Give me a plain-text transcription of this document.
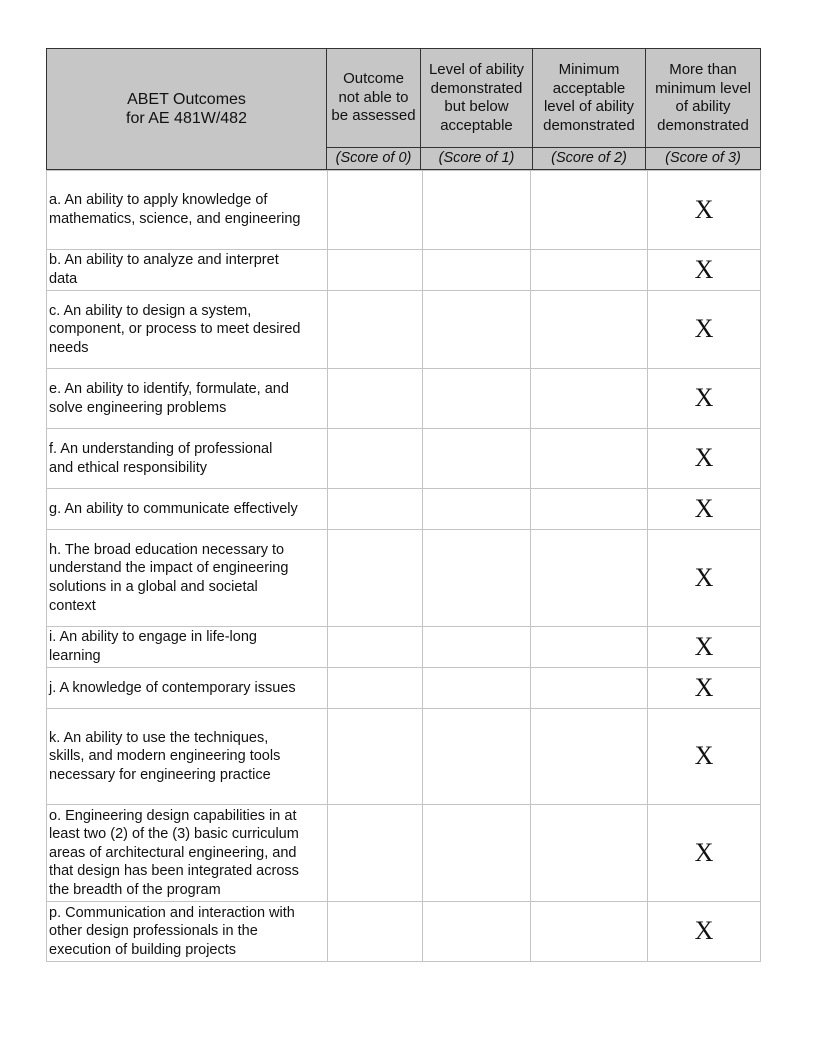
ABET Outcomes
for AE 481W/482	Outcome
not able to
be assessed	Level of ability
demonstrated
but below
acceptable	Minimum
acceptable
level of ability
demonstrated	More than
minimum level
of ability
demonstrated
	(Score of 0)	(Score of 1)	(Score of 2)	(Score of 3)
a. An ability to apply knowledge of
mathematics, science, and engineering				X
b. An ability to analyze and interpret
data				X
c. An ability to design a system,
component, or process to meet desired
needs				X
e. An ability to identify, formulate, and
solve engineering problems				X
f. An understanding of professional
and ethical responsibility				X
g. An ability to communicate effectively				X
h. The broad education necessary to
understand the impact of engineering
solutions in a global and societal
context				X
i. An ability to engage in life-long
learning				X
j. A knowledge of contemporary issues				X
k. An ability to use the techniques,
skills, and modern engineering tools
necessary for engineering practice				X
o. Engineering design capabilities in at
least two (2) of the (3) basic curriculum
areas of architectural engineering, and
that design has been integrated across
the breadth of the program				X
p. Communication and interaction with
other design professionals in the
execution of building projects				X
